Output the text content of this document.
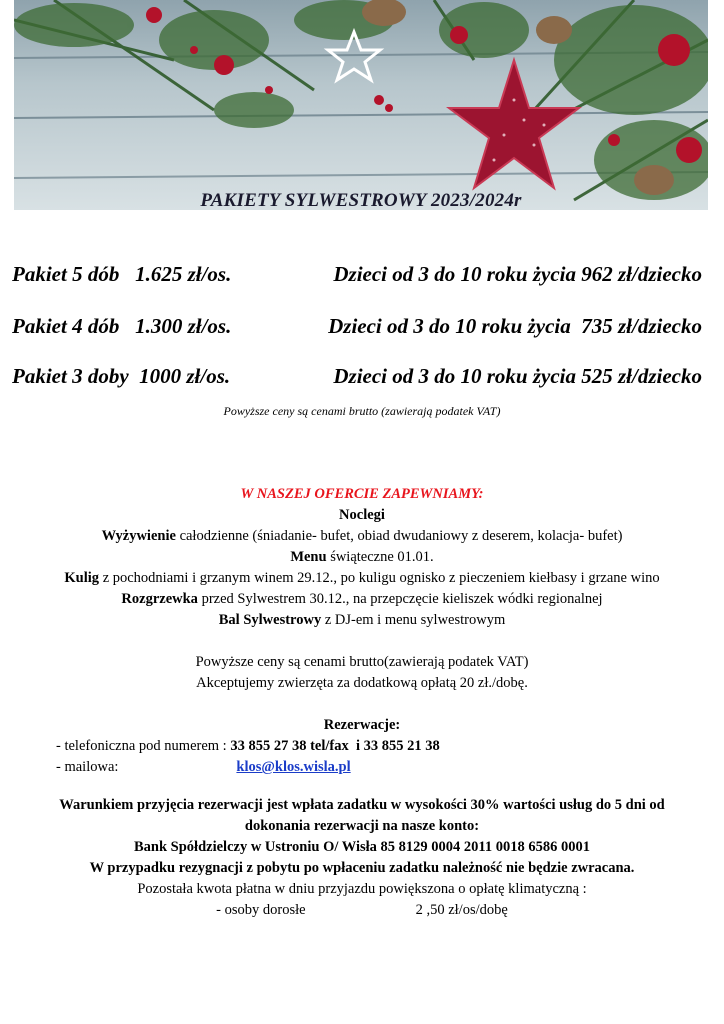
PAKIETY SYLWESTROWY 2023/2024r
Pakiet 5 dób   1.625 zł/os.	Dzieci od 3 do 10 roku życia 962 zł/dziecko
Pakiet 4 dób   1.300 zł/os.	Dzieci od 3 do 10 roku życia  735 zł/dziecko
Pakiet 3 doby  1000 zł/os.	Dzieci od 3 do 10 roku życia 525 zł/dziecko
Powyższe ceny są cenami brutto (zawierają podatek VAT)
W NASZEJ OFERCIE ZAPEWNIAMY:
Noclegi
Wyżywienie całodzienne (śniadanie- bufet, obiad dwudaniowy z deserem, kolacja- bufet)
Menu świąteczne 01.01.
Kulig z pochodniami i grzanym winem 29.12., po kuligu ognisko z pieczeniem kiełbasy i grzane wino
Rozgrzewka przed Sylwestrem 30.12., na przepczęcie kieliszek wódki regionalnej
Bal Sylwestrowy z DJ-em i menu sylwestrowym
Powyższe ceny są cenami brutto(zawierają podatek VAT)
Akceptujemy zwierzęta za dodatkową opłatą 20 zł./dobę.
Rezerwacje:
- telefoniczna pod numerem : 33 855 27 38 tel/fax  i 33 855 21 38
- mailowa:	klos@klos.wisla.pl
Warunkiem przyjęcia rezerwacji jest wpłata zadatku w wysokości 30% wartości usług do 5 dni od
dokonania rezerwacji na nasze konto:
Bank Spółdzielczy w Ustroniu O/ Wisła 85 8129 0004 2011 0018 6586 0001
W przypadku rezygnacji z pobytu po wpłaceniu zadatku należność nie będzie zwracana.
Pozostała kwota płatna w dniu przyjazdu powiększona o opłatę klimatyczną :
- osoby dorosłe	2 ,50 zł/os/dobę
